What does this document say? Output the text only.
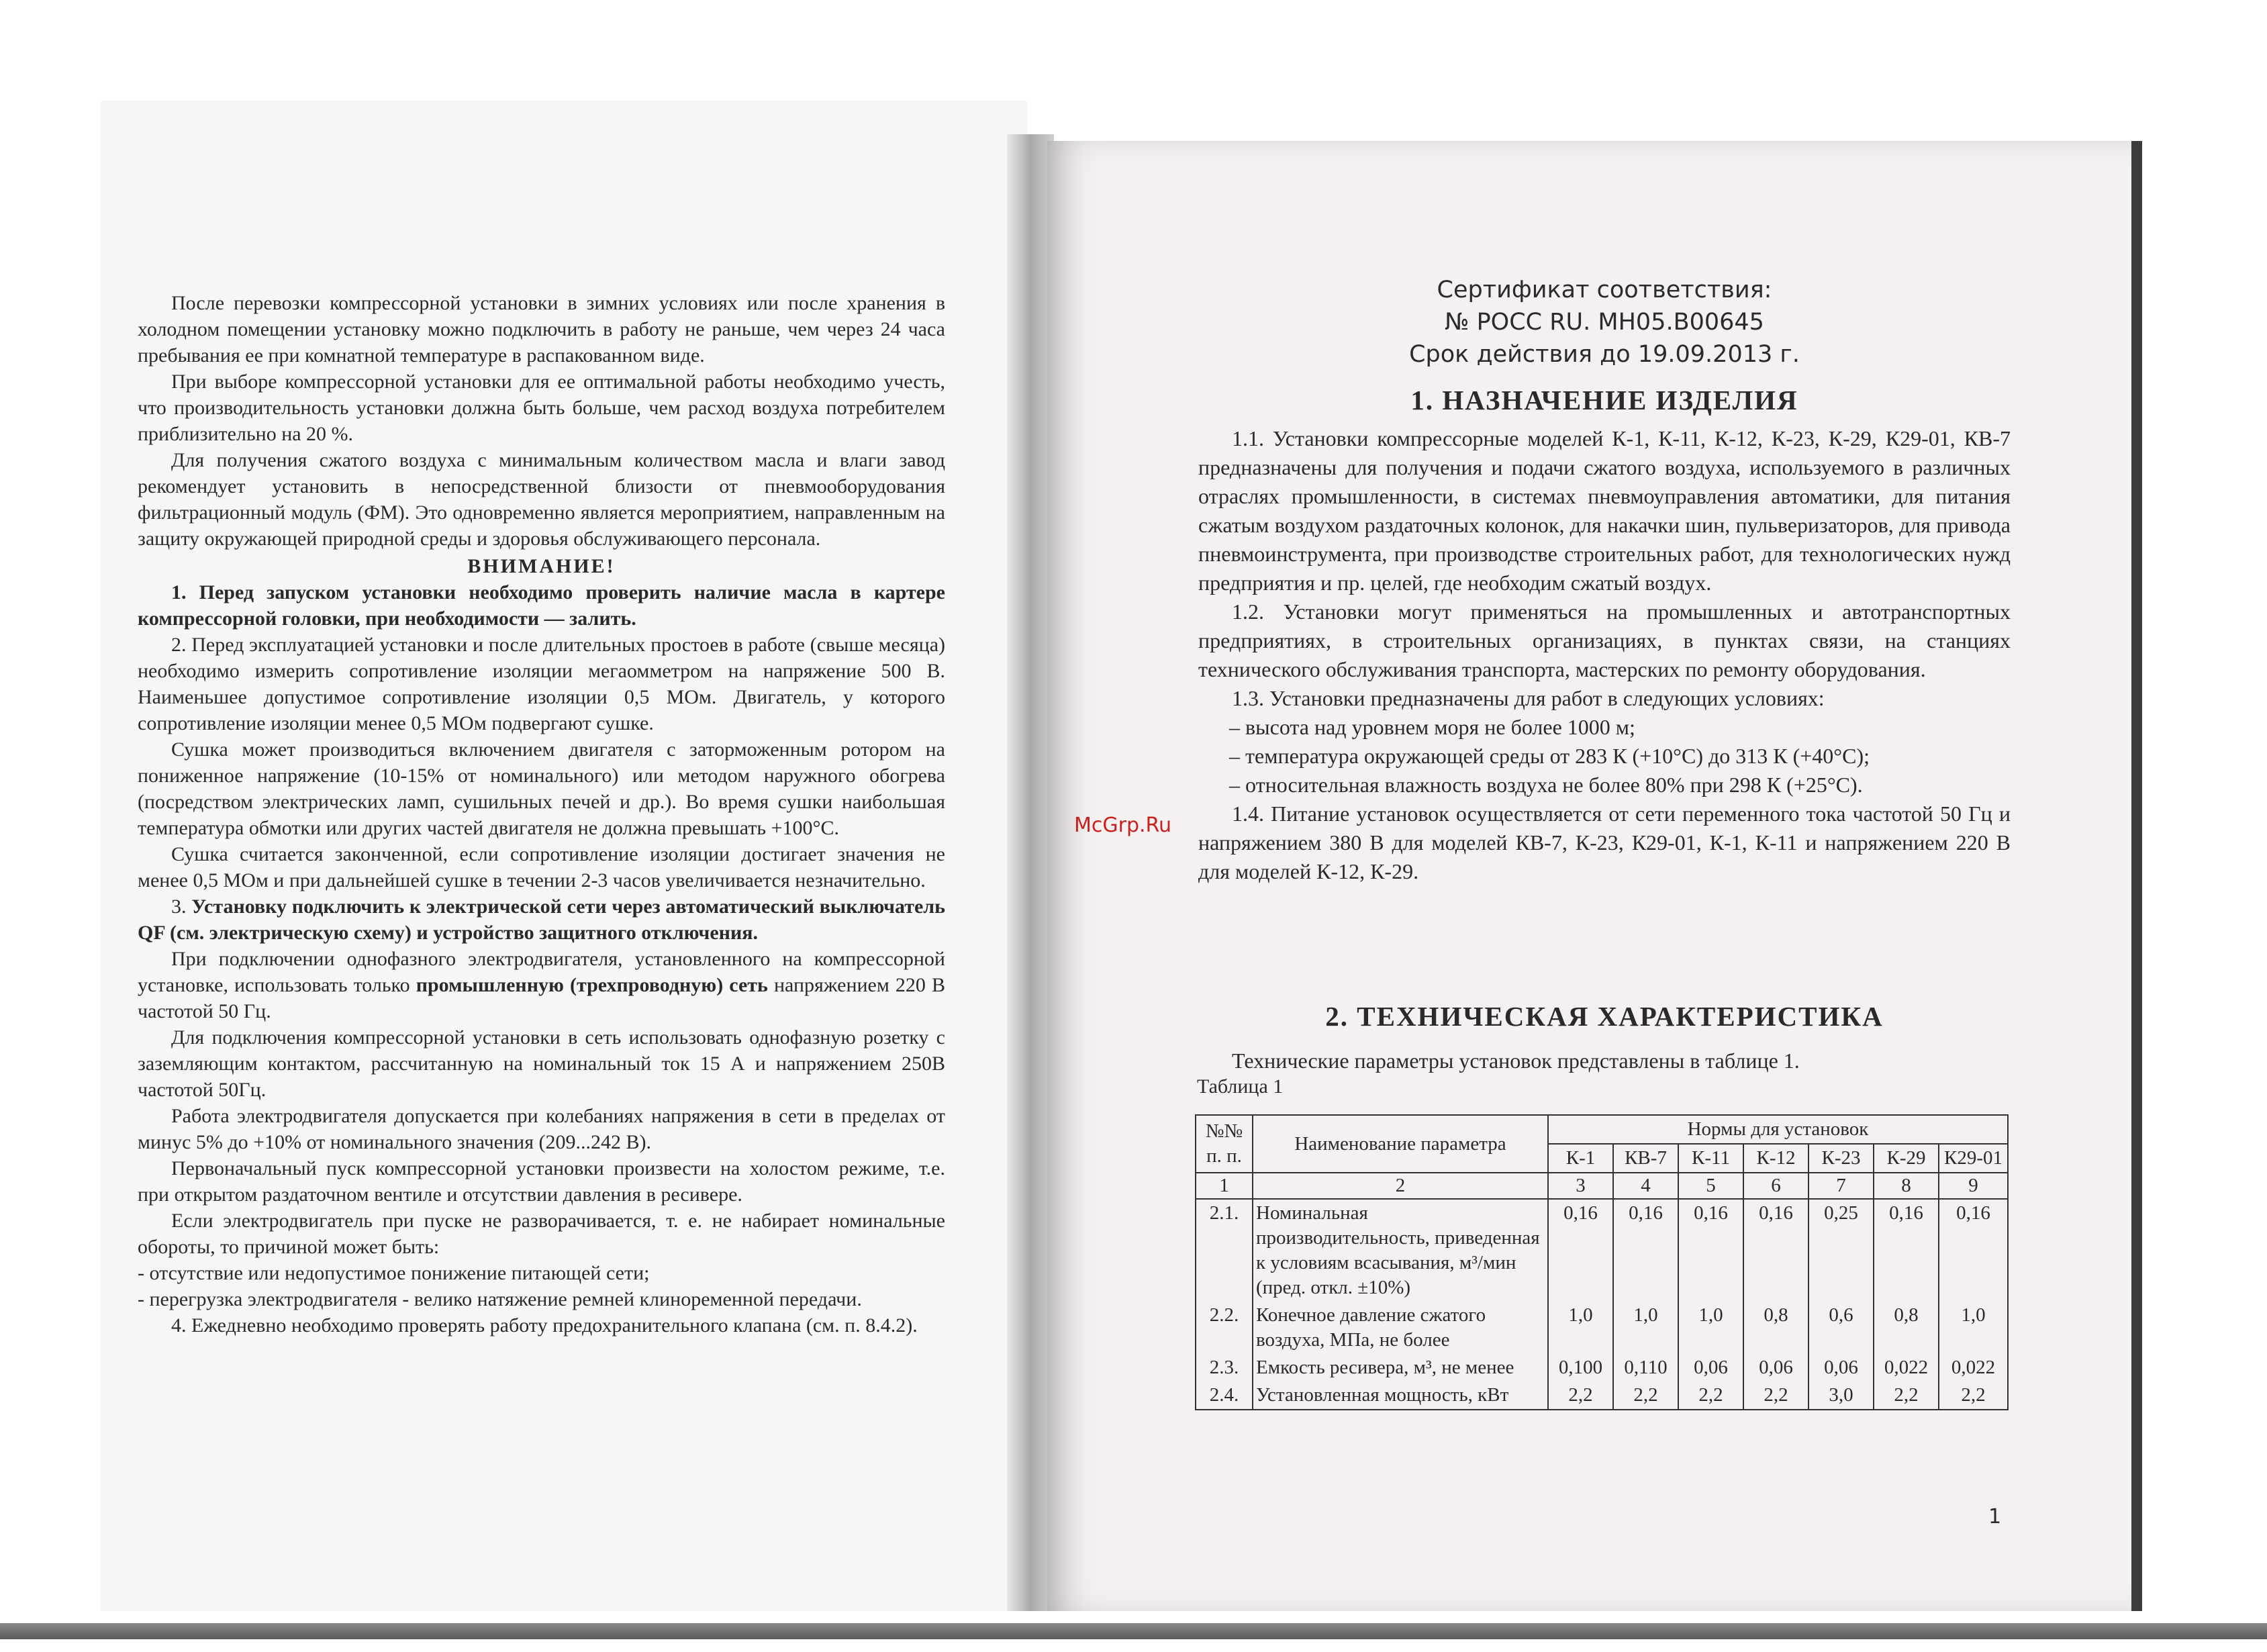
После перевозки компрессорной установки в зимних условиях или после хранения в холодном помещении установку можно подключить в работу не раньше, чем через 24 часа пребывания ее при комнатной температуре в распакованном виде.

При выборе компрессорной установки для ее оптимальной работы необходимо учесть, что производительность установки должна быть больше, чем расход воздуха потребителем приблизительно на 20 %.

Для получения сжатого воздуха с минимальным количеством масла и влаги завод рекомендует установить в непосредственной близости от пневмооборудования фильтрационный модуль (ФМ). Это одновременно является мероприятием, направленным на защиту окружающей природной среды и здоровья обслуживающего персонала.

ВНИМАНИЕ!

1. Перед запуском установки необходимо проверить наличие масла в картере компрессорной головки, при необходимости — залить.

2. Перед эксплуатацией установки и после длительных простоев в работе (свыше месяца) необходимо измерить сопротивление изоляции мегаомметром на напряжение 500 В. Наименьшее допустимое сопротивление изоляции 0,5 МОм. Двигатель, у которого сопротивление изоляции менее 0,5 МОм подвергают сушке.

Сушка может производиться включением двигателя с заторможенным ротором на пониженное напряжение (10-15% от номинального) или методом наружного обогрева (посредством электрических ламп, сушильных печей и др.). Во время сушки наибольшая температура обмотки или других частей двигателя не должна превышать +100°С.

Сушка считается законченной, если сопротивление изоляции достигает значения не менее 0,5 МОм и при дальнейшей сушке в течении 2-3 часов увеличивается незначительно.

3. Установку подключить к электрической сети через автоматический выключатель QF (см. электрическую схему) и устройство защитного отключения.

При подключении однофазного электродвигателя, установленного на компрессорной установке, использовать только промышленную (трехпроводную) сеть напряжением 220 В частотой 50 Гц.

Для подключения компрессорной установки в сеть использовать однофазную розетку с заземляющим контактом, рассчитанную на номинальный ток 15 А и напряжением 250В частотой 50Гц.

Работа электродвигателя допускается при колебаниях напряжения в сети в пределах от минус 5% до +10% от номинального значения (209...242 В).

Первоначальный пуск компрессорной установки произвести на холостом режиме, т.е. при открытом раздаточном вентиле и отсутствии давления в ресивере.

Если электродвигатель при пуске не разворачивается, т. е. не набирает номинальные обороты, то причиной может быть:

- отсутствие или недопустимое понижение питающей сети;

- перегрузка электродвигателя - велико натяжение ремней клиноременной передачи.

4. Ежедневно необходимо проверять работу предохранительного клапана (см. п. 8.4.2).

Сертификат соответствия:
№ РОСС RU. МН05.В00645
Срок действия до 19.09.2013 г.
1. НАЗНАЧЕНИЕ ИЗДЕЛИЯ

1.1. Установки компрессорные моделей К-1, К-11, К-12, К-23, К-29, К29-01, КВ-7 предназначены для получения и подачи сжатого воздуха, используемого в различных отраслях промышленности, в системах пневмоуправления автоматики, для питания сжатым воздухом раздаточных колонок, для накачки шин, пульверизаторов, для привода пневмоинструмента, при производстве строительных работ, для технологических нужд предприятия и пр. целей, где необходим сжатый воздух.

1.2. Установки могут применяться на промышленных и автотранспортных предприятиях, в строительных организациях, в пунктах связи, на станциях технического обслуживания транспорта, мастерских по ремонту оборудования.

1.3. Установки предназначены для работ в следующих условиях:

– высота над уровнем моря не более 1000 м;

– температура окружающей среды от 283 К (+10°С) до 313 К (+40°С);

– относительная влажность воздуха не более 80% при 298 К (+25°С).

1.4. Питание установок осуществляется от сети переменного тока частотой 50 Гц и напряжением 380 В для моделей КВ-7, К-23, К29-01, К-1, К-11 и напряжением 220 В для моделей К-12, К-29.

McGrp.Ru
2. ТЕХНИЧЕСКАЯ ХАРАКТЕРИСТИКА
Технические параметры установок представлены в таблице 1.
Таблица 1
№№ п. п.	Наименование параметра	Нормы для установок						
		К-1	КВ-7	К-11	К-12	К-23	К-29	К29-01
1	2	3	4	5	6	7	8	9
2.1.	Номинальная производительность, приведенная к условиям всасывания, м³/мин (пред. откл. ±10%)	0,16	0,16	0,16	0,16	0,25	0,16	0,16
2.2.	Конечное давление сжатого воздуха, МПа, не более	1,0	1,0	1,0	0,8	0,6	0,8	1,0
2.3.	Емкость ресивера, м³, не менее	0,100	0,110	0,06	0,06	0,06	0,022	0,022
2.4.	Установленная мощность, кВт	2,2	2,2	2,2	2,2	3,0	2,2	2,2
1
